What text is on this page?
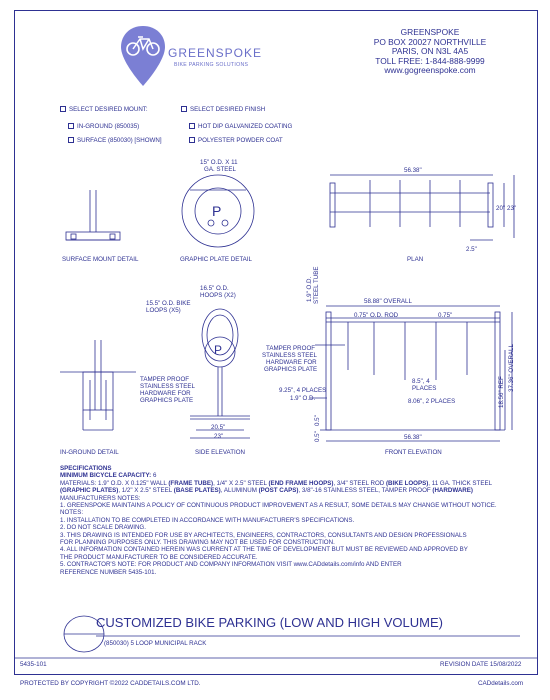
GREENSPOKE
BIKE PARKING SOLUTIONS
GREENSPOKE
PO BOX 20027 NORTHVILLE
PARIS, ON N3L 4A5
TOLL FREE: 1-844-888-9999
www.gogreenspoke.com
SELECT DESIRED MOUNT:
IN-GROUND (850035)
SURFACE (850030) [SHOWN]
SELECT DESIRED FINISH
HOT DIP GALVANIZED COATING
POLYESTER POWDER COAT
P
P
SURFACE MOUNT DETAIL	GRAPHIC PLATE DETAIL	PLAN
IN-GROUND DETAIL	SIDE ELEVATION	FRONT ELEVATION
15" O.D. X 11
GA. STEEL	56.38"
20" 23"
2.5"
16.5" O.D.
HOOPS (X2)
15.5" O.D. BIKE
LOOPS (X5)
TAMPER PROOF
STAINLESS STEEL
HARDWARE FOR
GRAPHICS PLATE
20.5"
23"
1.9" O.D. STEEL TUBE	58.88" OVERALL
0.75" O.D. ROD	0.75"
TAMPER PROOF
STAINLESS STEEL
HARDWARE FOR
GRAPHICS PLATE
9.25", 4 PLACES
1.9" O.D.
8.5", 4
PLACES
8.06", 2 PLACES
56.38"
18.56" REF
37.36" OVERALL
0.5"
0.5"
SPECIFICATIONS
MINIMUM BICYCLE CAPACITY: 6
MATERIALS: 1.9" O.D. X 0.125" WALL (FRAME TUBE), 1/4" X 2.5" STEEL (END FRAME HOOPS), 3/4" STEEL ROD (BIKE LOOPS), 11 GA. THICK STEEL
(GRAPHIC PLATES), 1/2" X 2.5" STEEL (BASE PLATES), ALUMINUM (POST CAPS), 3/8"-16 STAINLESS STEEL, TAMPER PROOF (HARDWARE)
MANUFACTURERS NOTES:
1. GREENSPOKE MAINTAINS A POLICY OF CONTINUOUS PRODUCT IMPROVEMENT AS A RESULT, SOME DETAILS MAY CHANGE WITHOUT NOTICE.
NOTES:
1. INSTALLATION TO BE COMPLETED IN ACCORDANCE WITH MANUFACTURER'S SPECIFICATIONS.
2. DO NOT SCALE DRAWING.
3. THIS DRAWING IS INTENDED FOR USE BY ARCHITECTS, ENGINEERS, CONTRACTORS, CONSULTANTS AND DESIGN PROFESSIONALS
FOR PLANNING PURPOSES ONLY. THIS DRAWING MAY NOT BE USED FOR CONSTRUCTION.
4. ALL INFORMATION CONTAINED HEREIN WAS CURRENT AT THE TIME OF DEVELOPMENT BUT MUST BE REVIEWED AND APPROVED BY
THE PRODUCT MANUFACTURER TO BE CONSIDERED ACCURATE.
5. CONTRACTOR'S NOTE: FOR PRODUCT AND COMPANY INFORMATION VISIT www.CADdetails.com/info AND ENTER
REFERENCE NUMBER 5435-101.
CUSTOMIZED BIKE PARKING (LOW AND HIGH VOLUME)
(850030) 5 LOOP MUNICIPAL RACK
5435-101	REVISION DATE 15/08/2022
PROTECTED BY COPYRIGHT ©2022 CADDETAILS.COM LTD.	CADdetails.com
